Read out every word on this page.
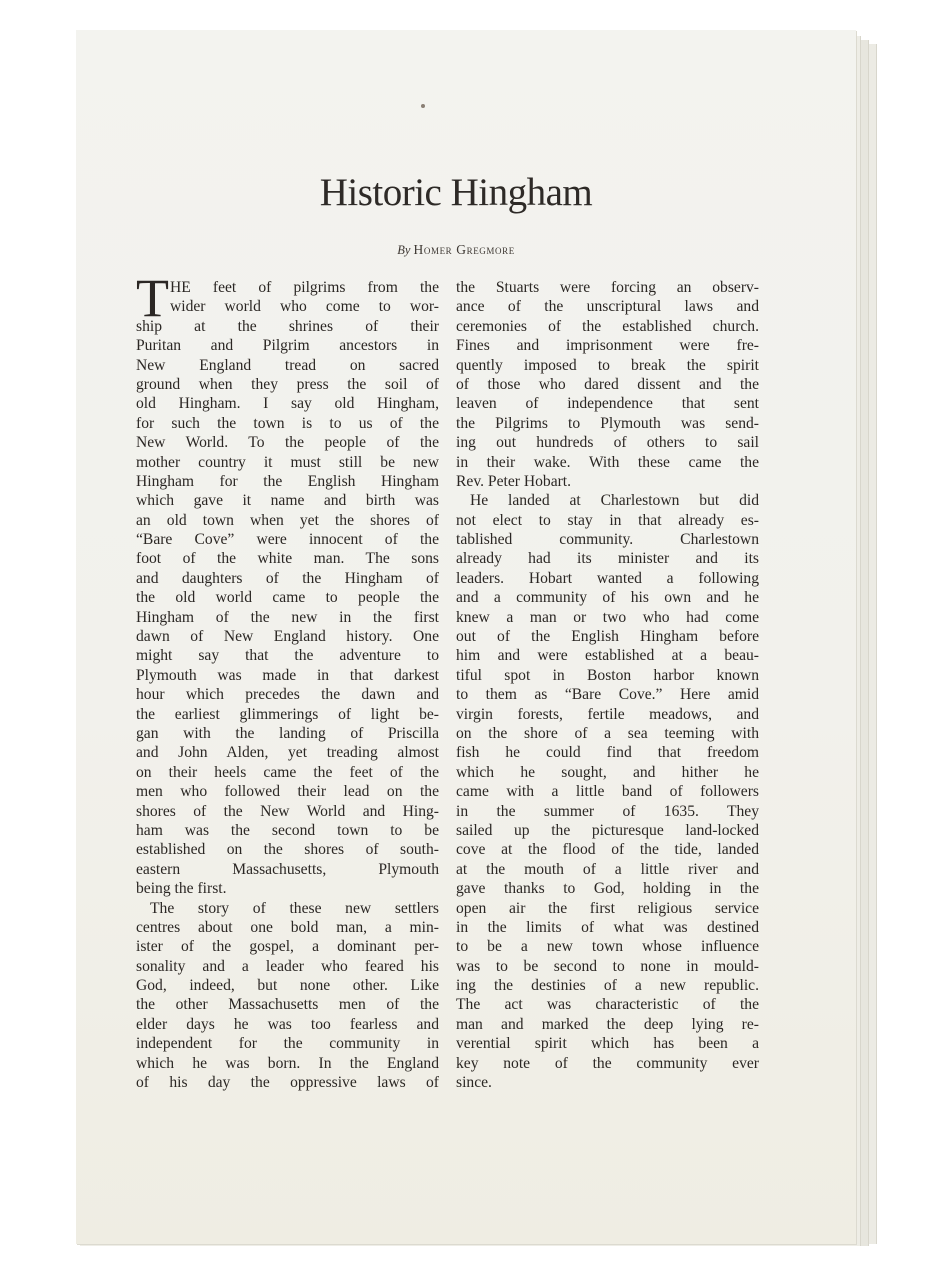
Historic Hingham
By Homer Gregmore
T HE feet of pilgrims from the
wider world who come to wor-
ship at the shrines of their
Puritan and Pilgrim ancestors in
New England tread on sacred
ground when they press the soil of
old Hingham. I say old Hingham,
for such the town is to us of the
New World. To the people of the
mother country it must still be new
Hingham for the English Hingham
which gave it name and birth was
an old town when yet the shores of
“Bare Cove” were innocent of the
foot of the white man. The sons
and daughters of the Hingham of
the old world came to people the
Hingham of the new in the first
dawn of New England history. One
might say that the adventure to
Plymouth was made in that darkest
hour which precedes the dawn and
the earliest glimmerings of light be-
gan with the landing of Priscilla
and John Alden, yet treading almost
on their heels came the feet of the
men who followed their lead on the
shores of the New World and Hing-
ham was the second town to be
established on the shores of south-
eastern Massachusetts, Plymouth
being the first.
The story of these new settlers
centres about one bold man, a min-
ister of the gospel, a dominant per-
sonality and a leader who feared his
God, indeed, but none other. Like
the other Massachusetts men of the
elder days he was too fearless and
independent for the community in
which he was born. In the England
of his day the oppressive laws of
the Stuarts were forcing an observ-
ance of the unscriptural laws and
ceremonies of the established church.
Fines and imprisonment were fre-
quently imposed to break the spirit
of those who dared dissent and the
leaven of independence that sent
the Pilgrims to Plymouth was send-
ing out hundreds of others to sail
in their wake. With these came the
Rev. Peter Hobart.
He landed at Charlestown but did
not elect to stay in that already es-
tablished community. Charlestown
already had its minister and its
leaders. Hobart wanted a following
and a community of his own and he
knew a man or two who had come
out of the English Hingham before
him and were established at a beau-
tiful spot in Boston harbor known
to them as “Bare Cove.” Here amid
virgin forests, fertile meadows, and
on the shore of a sea teeming with
fish he could find that freedom
which he sought, and hither he
came with a little band of followers
in the summer of 1635. They
sailed up the picturesque land-locked
cove at the flood of the tide, landed
at the mouth of a little river and
gave thanks to God, holding in the
open air the first religious service
in the limits of what was destined
to be a new town whose influence
was to be second to none in mould-
ing the destinies of a new republic.
The act was characteristic of the
man and marked the deep lying re-
verential spirit which has been a
key note of the community ever
since.
